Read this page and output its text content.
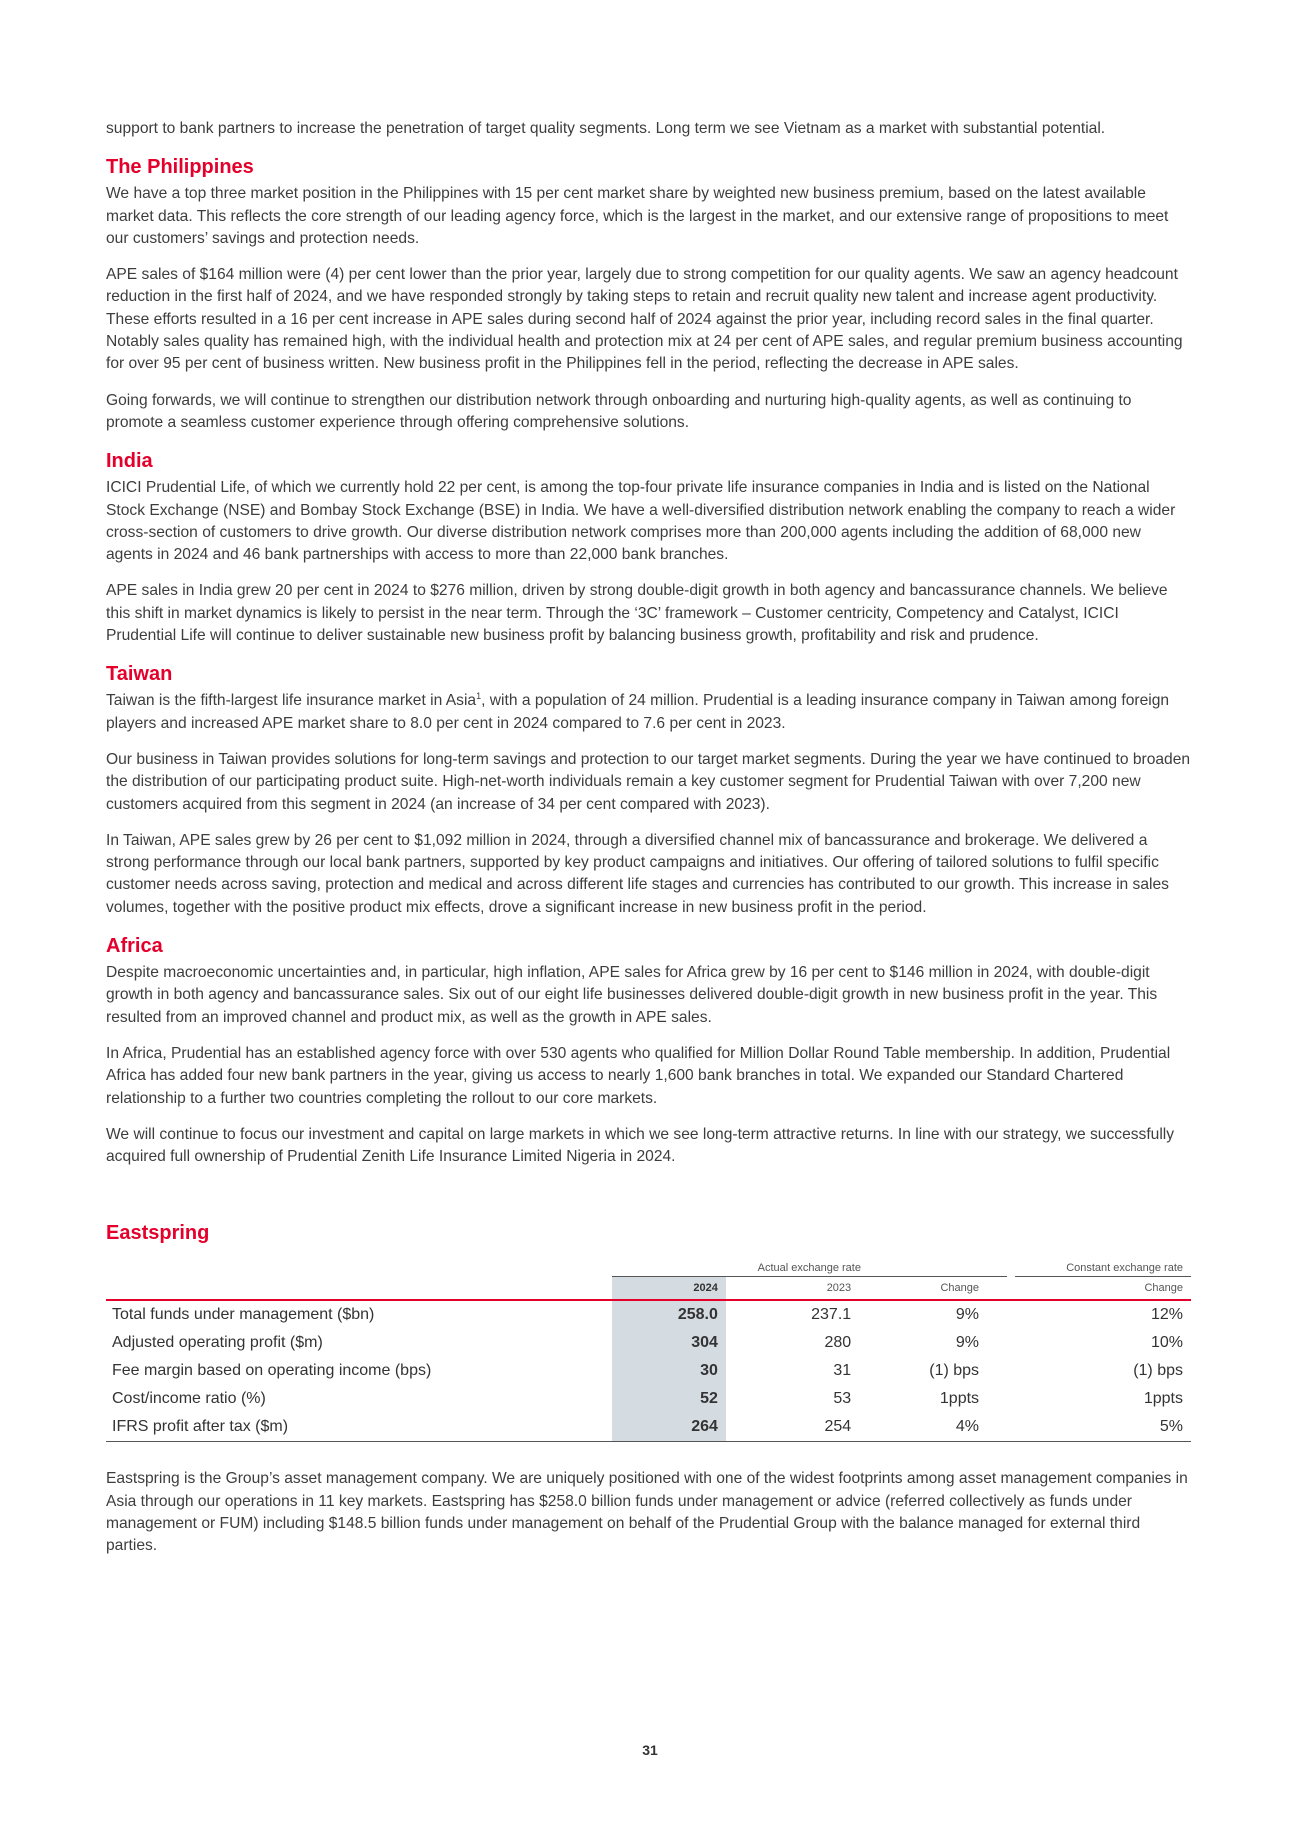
support to bank partners to increase the penetration of target quality segments. Long term we see Vietnam as a market with substantial potential.

The Philippines

We have a top three market position in the Philippines with 15 per cent market share by weighted new business premium, based on the latest available market data. This reflects the core strength of our leading agency force, which is the largest in the market, and our extensive range of propositions to meet our customers’ savings and protection needs.

APE sales of $164 million were (4) per cent lower than the prior year, largely due to strong competition for our quality agents. We saw an agency headcount reduction in the first half of 2024, and we have responded strongly by taking steps to retain and recruit quality new talent and increase agent productivity. These efforts resulted in a 16 per cent increase in APE sales during second half of 2024 against the prior year, including record sales in the final quarter. Notably sales quality has remained high, with the individual health and protection mix at 24 per cent of APE sales, and regular premium business accounting for over 95 per cent of business written. New business profit in the Philippines fell in the period, reflecting the decrease in APE sales.

Going forwards, we will continue to strengthen our distribution network through onboarding and nurturing high-quality agents, as well as continuing to promote a seamless customer experience through offering comprehensive solutions.

India

ICICI Prudential Life, of which we currently hold 22 per cent, is among the top-four private life insurance companies in India and is listed on the National Stock Exchange (NSE) and Bombay Stock Exchange (BSE) in India. We have a well-diversified distribution network enabling the company to reach a wider cross-section of customers to drive growth. Our diverse distribution network comprises more than 200,000 agents including the addition of 68,000 new agents in 2024 and 46 bank partnerships with access to more than 22,000 bank branches.

APE sales in India grew 20 per cent in 2024 to $276 million, driven by strong double-digit growth in both agency and bancassurance channels. We believe this shift in market dynamics is likely to persist in the near term. Through the ‘3C’ framework – Customer centricity, Competency and Catalyst, ICICI Prudential Life will continue to deliver sustainable new business profit by balancing business growth, profitability and risk and prudence.

Taiwan

Taiwan is the fifth-largest life insurance market in Asia$^1$, with a population of 24 million. Prudential is a leading insurance company in Taiwan among foreign players and increased APE market share to 8.0 per cent in 2024 compared to 7.6 per cent in 2023.

Our business in Taiwan provides solutions for long-term savings and protection to our target market segments. During the year we have continued to broaden the distribution of our participating product suite. High-net-worth individuals remain a key customer segment for Prudential Taiwan with over 7,200 new customers acquired from this segment in 2024 (an increase of 34 per cent compared with 2023).

In Taiwan, APE sales grew by 26 per cent to $1,092 million in 2024, through a diversified channel mix of bancassurance and brokerage. We delivered a strong performance through our local bank partners, supported by key product campaigns and initiatives. Our offering of tailored solutions to fulfil specific customer needs across saving, protection and medical and across different life stages and currencies has contributed to our growth. This increase in sales volumes, together with the positive product mix effects, drove a significant increase in new business profit in the period.

Africa

Despite macroeconomic uncertainties and, in particular, high inflation, APE sales for Africa grew by 16 per cent to $146 million in 2024, with double-digit growth in both agency and bancassurance sales. Six out of our eight life businesses delivered double-digit growth in new business profit in the year. This resulted from an improved channel and product mix, as well as the growth in APE sales.

In Africa, Prudential has an established agency force with over 530 agents who qualified for Million Dollar Round Table membership. In addition, Prudential Africa has added four new bank partners in the year, giving us access to nearly 1,600 bank branches in total. We expanded our Standard Chartered relationship to a further two countries completing the rollout to our core markets.

We will continue to focus our investment and capital on large markets in which we see long-term attractive returns. In line with our strategy, we successfully acquired full ownership of Prudential Zenith Life Insurance Limited Nigeria in 2024.

Eastspring
	Actual exchange rate				Constant exchange rate
	2024	2023	Change		Change
Total funds under management ($bn)	258.0	237.1	9%		12%
Adjusted operating profit ($m)	304	280	9%		10%
Fee margin based on operating income (bps)	30	31	(1) bps		(1) bps
Cost/income ratio (%)	52	53	1ppts		1ppts
IFRS profit after tax ($m)	264	254	4%		5%

Eastspring is the Group’s asset management company. We are uniquely positioned with one of the widest footprints among asset management companies in Asia through our operations in 11 key markets. Eastspring has $258.0 billion funds under management or advice (referred collectively as funds under management or FUM) including $148.5 billion funds under management on behalf of the Prudential Group with the balance managed for external third parties.

31
